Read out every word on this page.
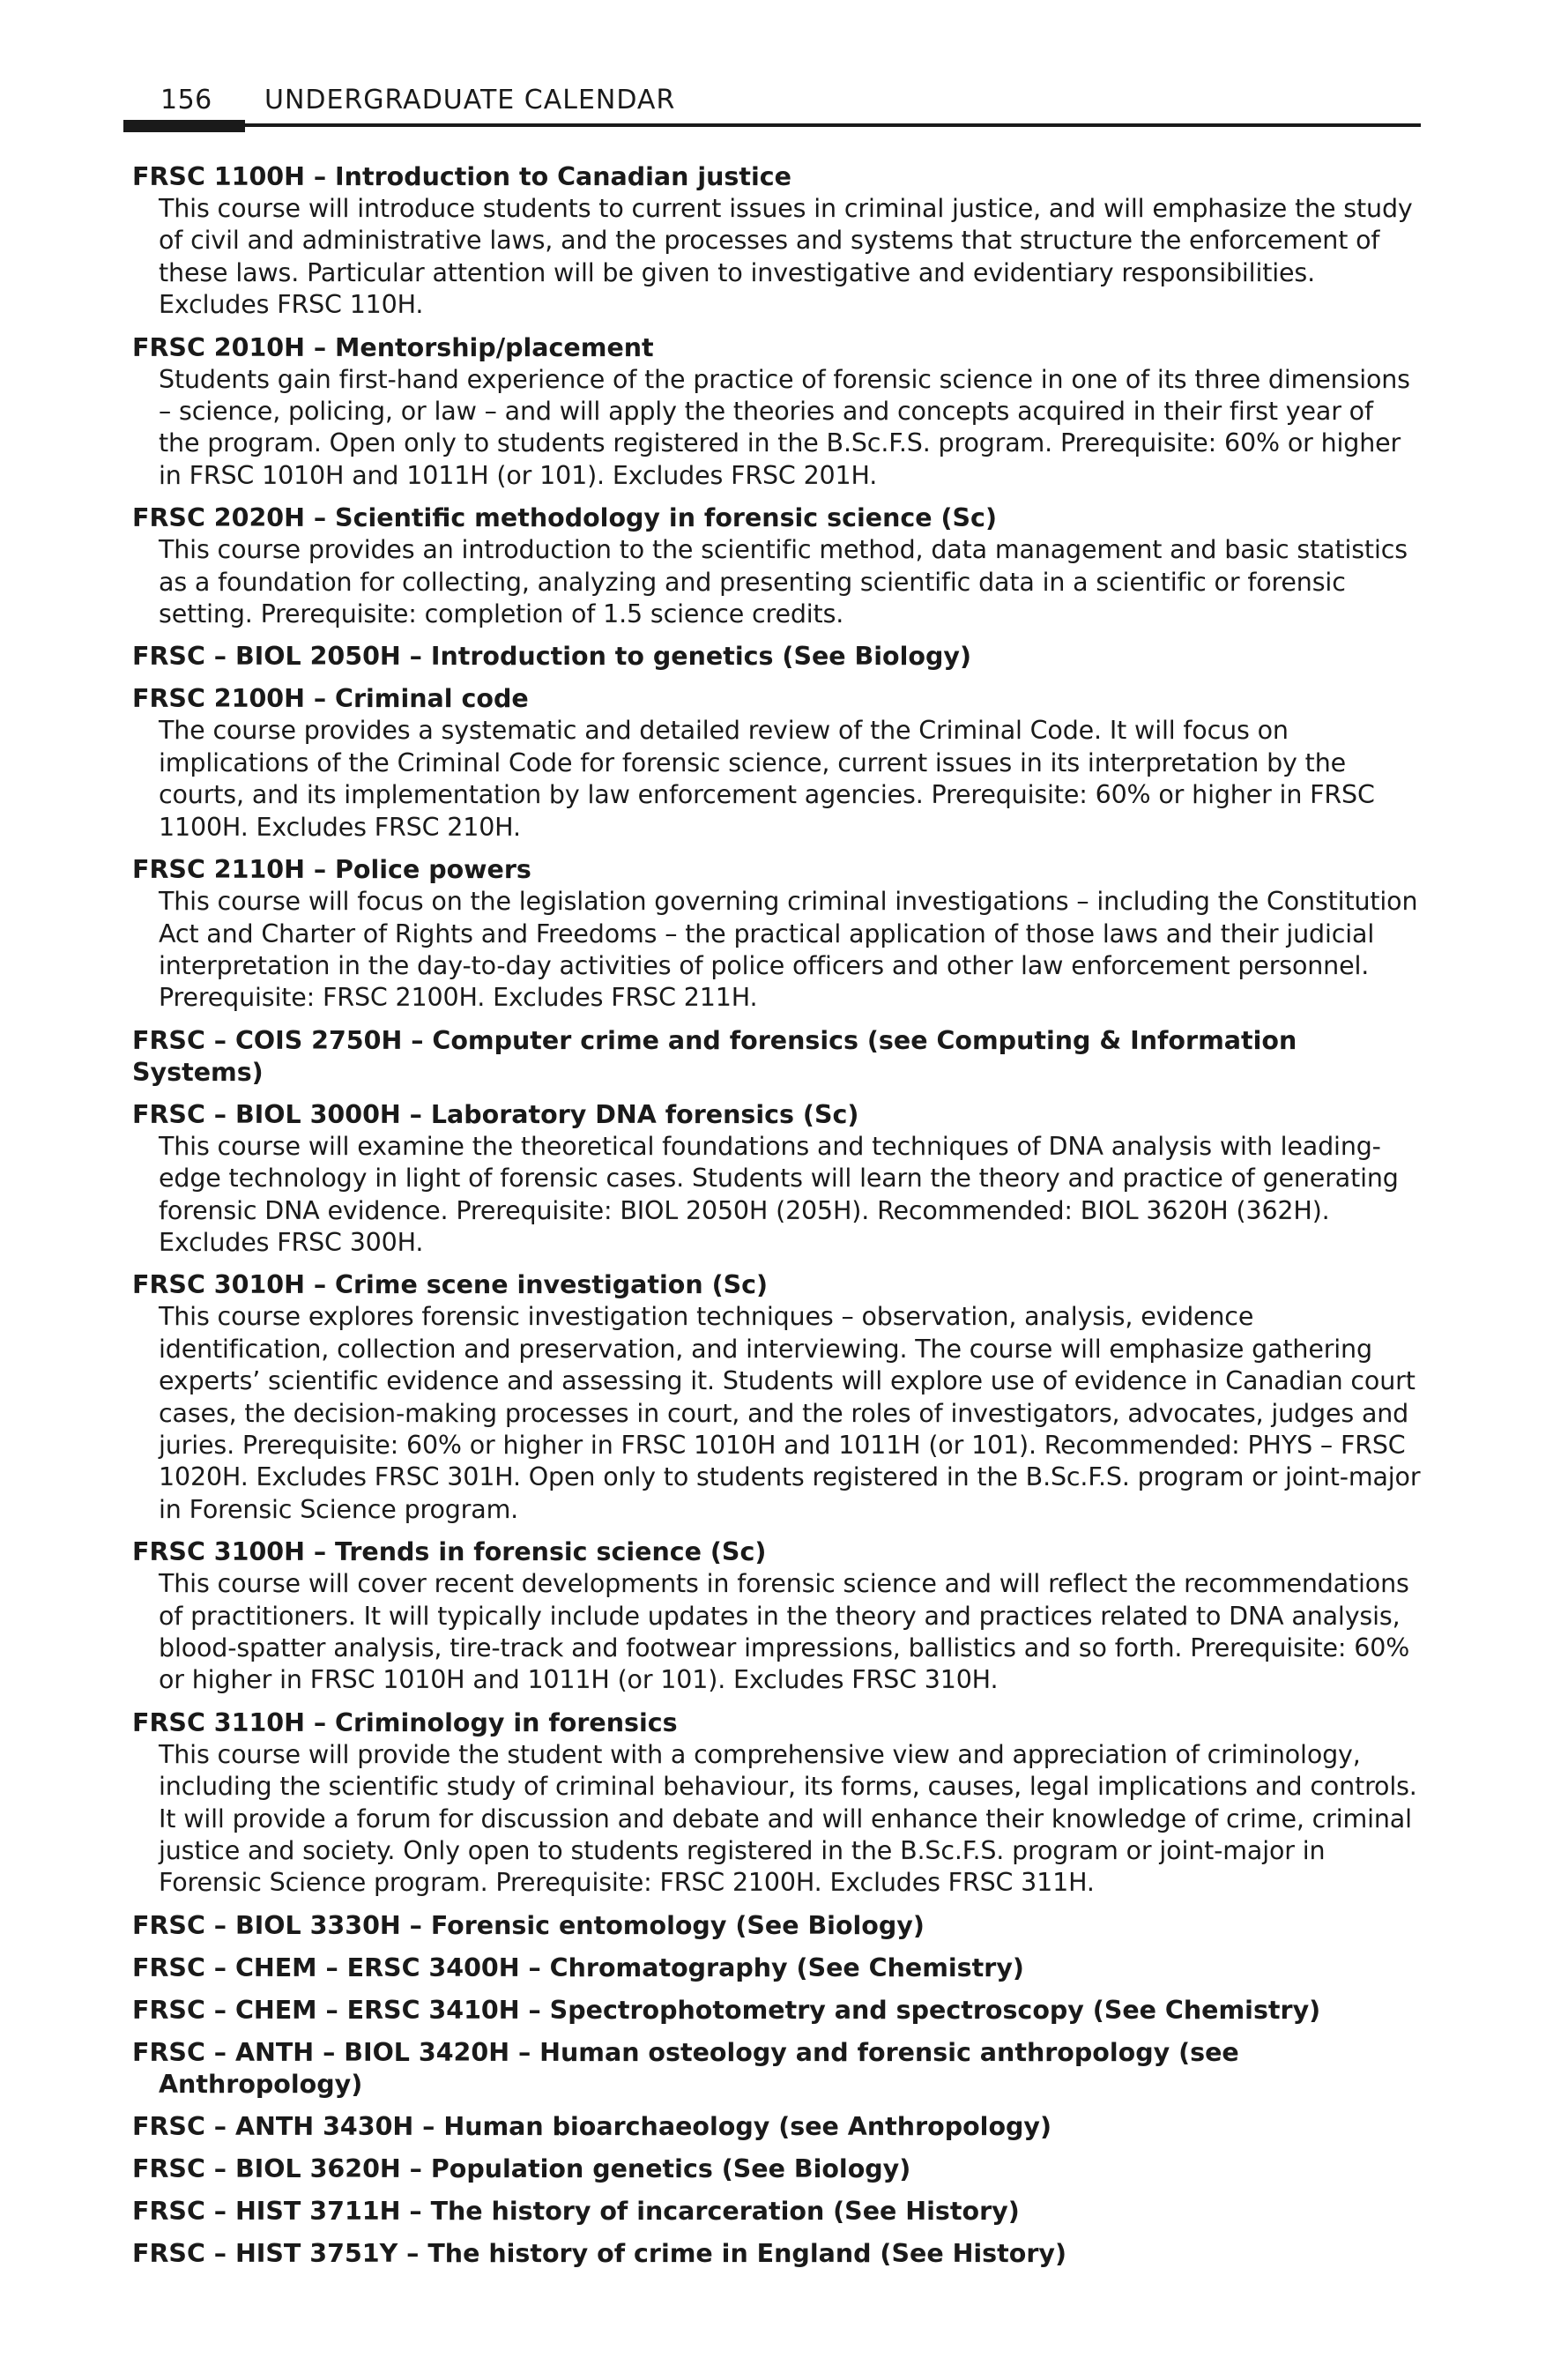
156 UNDERGRADUATE CALENDAR

FRSC 1100H – Introduction to Canadian justice

This course will introduce students to current issues in criminal justice, and will emphasize the study of civil and administrative laws, and the processes and systems that structure the enforcement of these laws. Particular attention will be given to investigative and evidentiary responsibilities. Excludes FRSC 110H.

FRSC 2010H – Mentorship/placement

Students gain first-hand experience of the practice of forensic science in one of its three dimensions – science, policing, or law – and will apply the theories and concepts acquired in their first year of the program. Open only to students registered in the B.Sc.F.S. program. Prerequisite: 60% or higher in FRSC 1010H and 1011H (or 101). Excludes FRSC 201H.

FRSC 2020H – Scientific methodology in forensic science (Sc)

This course provides an introduction to the scientific method, data management and basic statistics as a foundation for collecting, analyzing and presenting scientific data in a scientific or forensic setting. Prerequisite: completion of 1.5 science credits.

FRSC – BIOL 2050H – Introduction to genetics (See Biology)

FRSC 2100H – Criminal code

The course provides a systematic and detailed review of the Criminal Code. It will focus on implications of the Criminal Code for forensic science, current issues in its interpretation by the courts, and its implementation by law enforcement agencies. Prerequisite: 60% or higher in FRSC 1100H. Excludes FRSC 210H.

FRSC 2110H – Police powers

This course will focus on the legislation governing criminal investigations – including the Constitution Act and Charter of Rights and Freedoms – the practical application of those laws and their judicial interpretation in the day-to-day activities of police officers and other law enforcement personnel. Prerequisite: FRSC 2100H. Excludes FRSC 211H.

FRSC – COIS 2750H – Computer crime and forensics (see Computing & Information Systems)

FRSC – BIOL 3000H – Laboratory DNA forensics (Sc)

This course will examine the theoretical foundations and techniques of DNA analysis with leading-edge technology in light of forensic cases. Students will learn the theory and practice of generating forensic DNA evidence. Prerequisite: BIOL 2050H (205H). Recommended: BIOL 3620H (362H). Excludes FRSC 300H.

FRSC 3010H – Crime scene investigation (Sc)

This course explores forensic investigation techniques – observation, analysis, evidence identification, collection and preservation, and interviewing. The course will emphasize gathering experts’ scientific evidence and assessing it. Students will explore use of evidence in Canadian court cases, the decision-making processes in court, and the roles of investigators, advocates, judges and juries. Prerequisite: 60% or higher in FRSC 1010H and 1011H (or 101). Recommended: PHYS – FRSC 1020H. Excludes FRSC 301H. Open only to students registered in the B.Sc.F.S. program or joint-major in Forensic Science program.

FRSC 3100H – Trends in forensic science (Sc)

This course will cover recent developments in forensic science and will reflect the recommendations of practitioners. It will typically include updates in the theory and practices related to DNA analysis, blood-spatter analysis, tire-track and footwear impressions, ballistics and so forth. Prerequisite: 60% or higher in FRSC 1010H and 1011H (or 101). Excludes FRSC 310H.

FRSC 3110H – Criminology in forensics

This course will provide the student with a comprehensive view and appreciation of criminology, including the scientific study of criminal behaviour, its forms, causes, legal implications and controls. It will provide a forum for discussion and debate and will enhance their knowledge of crime, criminal justice and society. Only open to students registered in the B.Sc.F.S. program or joint-major in Forensic Science program. Prerequisite: FRSC 2100H. Excludes FRSC 311H.

FRSC – BIOL 3330H – Forensic entomology (See Biology)

FRSC – CHEM – ERSC 3400H – Chromatography (See Chemistry)

FRSC – CHEM – ERSC 3410H – Spectrophotometry and spectroscopy (See Chemistry)

FRSC – ANTH – BIOL 3420H – Human osteology and forensic anthropology (see Anthropology)

FRSC – ANTH 3430H – Human bioarchaeology (see Anthropology)

FRSC – BIOL 3620H – Population genetics (See Biology)

FRSC – HIST 3711H – The history of incarceration (See History)

FRSC – HIST 3751Y – The history of crime in England (See History)
